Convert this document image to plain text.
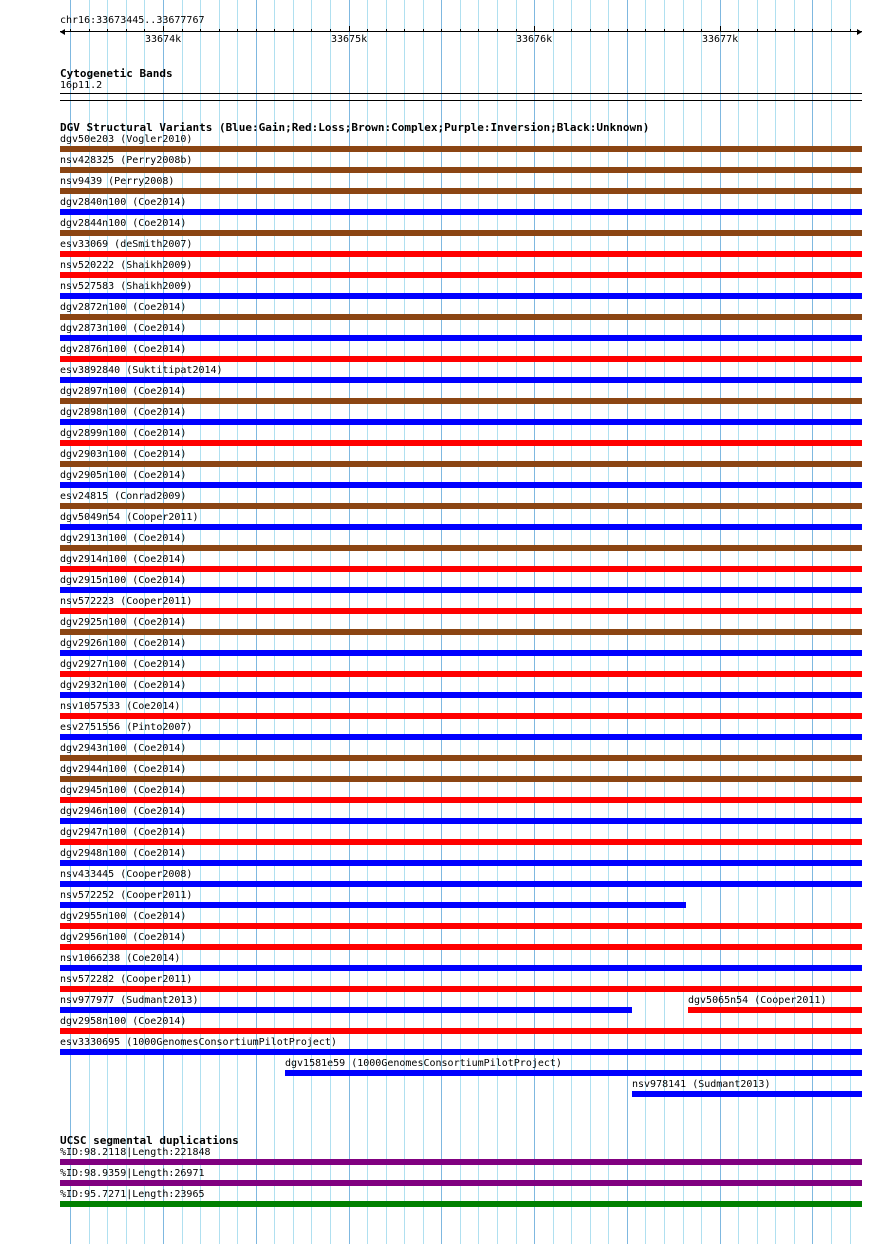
chr16:33673445..33677767
33674k	33675k	33676k	33677k
Cytogenetic Bands
16p11.2
DGV Structural Variants (Blue:Gain;Red:Loss;Brown:Complex;Purple:Inversion;Black:Unknown)
dgv50e203 (Vogler2010)
nsv428325 (Perry2008b)
nsv9439 (Perry2008)
dgv2840n100 (Coe2014)
dgv2844n100 (Coe2014)
esv33069 (deSmith2007)
nsv520222 (Shaikh2009)
nsv527583 (Shaikh2009)
dgv2872n100 (Coe2014)
dgv2873n100 (Coe2014)
dgv2876n100 (Coe2014)
esv3892840 (Suktitipat2014)
dgv2897n100 (Coe2014)
dgv2898n100 (Coe2014)
dgv2899n100 (Coe2014)
dgv2903n100 (Coe2014)
dgv2905n100 (Coe2014)
esv24815 (Conrad2009)
dgv5049n54 (Cooper2011)
dgv2913n100 (Coe2014)
dgv2914n100 (Coe2014)
dgv2915n100 (Coe2014)
nsv572223 (Cooper2011)
dgv2925n100 (Coe2014)
dgv2926n100 (Coe2014)
dgv2927n100 (Coe2014)
dgv2932n100 (Coe2014)
nsv1057533 (Coe2014)
esv2751556 (Pinto2007)
dgv2943n100 (Coe2014)
dgv2944n100 (Coe2014)
dgv2945n100 (Coe2014)
dgv2946n100 (Coe2014)
dgv2947n100 (Coe2014)
dgv2948n100 (Coe2014)
nsv433445 (Cooper2008)
nsv572252 (Cooper2011)
dgv2955n100 (Coe2014)
dgv2956n100 (Coe2014)
nsv1066238 (Coe2014)
nsv572282 (Cooper2011)
nsv977977 (Sudmant2013)	dgv5065n54 (Cooper2011)
dgv2958n100 (Coe2014)
esv3330695 (1000GenomesConsortiumPilotProject)
dgv1581e59 (1000GenomesConsortiumPilotProject)
nsv978141 (Sudmant2013)
UCSC segmental duplications
%ID:98.2118|Length:221848
%ID:98.9359|Length:26971
%ID:95.7271|Length:23965
